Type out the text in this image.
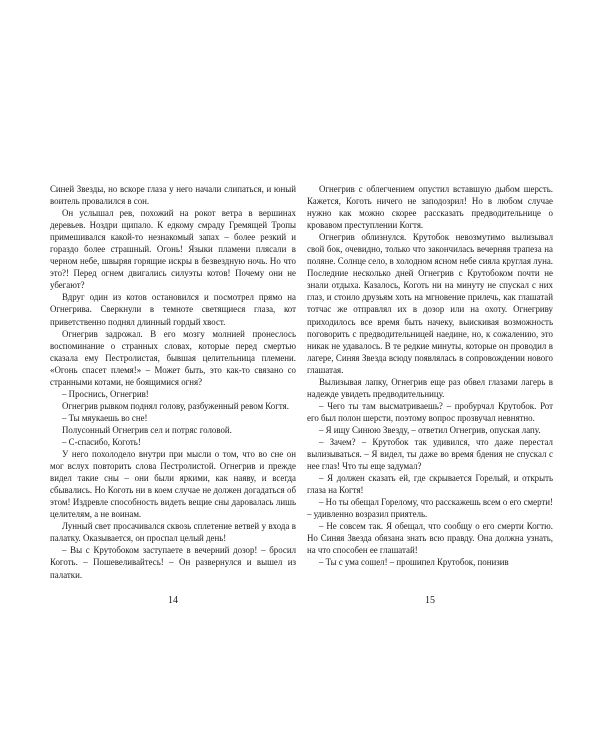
Синей Звезды, но вскоре глаза у него начали слипаться, и юный воитель провалился в сон.

Он услышал рев, похожий на рокот ветра в вершинах деревьев. Ноздри щипало. К едкому смраду Гремящей Тропы примешивался какой-то незнакомый запах – более резкий и гораздо более страшный. Огонь! Языки пламени плясали в черном небе, швыряя горящие искры в безвездную ночь. Но что это?! Перед огнем двигались силуэты котов! Почему они не убегают?

Вдруг один из котов остановился и посмотрел прямо на Огнегрива. Сверкнули в темноте светящиеся глаза, кот приветственно поднял длинный гордый хвост.

Огнегрив задрожал. В его мозгу молнией пронеслось воспоминание о странных словах, которые перед смертью сказала ему Пестролистая, бывшая целительница племени. «Огонь спасет племя!» – Может быть, это как-то связано со странными котами, не боящимися огня?

– Проснись, Огнегрив!

Огнегрив рывком поднял голову, разбуженный ревом Когтя.

– Ты мяукаешь во сне!

Полусонный Огнегрив сел и потряс головой.

– С-спасибо, Коготь!

У него похолодело внутри при мысли о том, что во сне он мог вслух повторить слова Пестролистой. Огнегрив и прежде видел такие сны – они были яркими, как наяву, и всегда сбывались. Но Коготь ни в коем случае не должен догадаться об этом! Издревле способность видеть вещие сны даровалась лишь целителям, а не воинам.

Лунный свет просачивался сквозь сплетение ветвей у входа в палатку. Оказывается, он проспал целый день!

– Вы с Крутобоком заступаете в вечерний дозор! – бросил Коготь. – Пошевеливайтесь! – Он развернулся и вышел из палатки.

Огнегрив с облегчением опустил вставшую дыбом шерсть. Кажется, Коготь ничего не заподозрил! Но в любом случае нужно как можно скорее рассказать предводительнице о кровавом преступлении Когтя.

Огнегрив облизнулся. Крутобок невозмутимо вылизывал свой бок, очевидно, только что закончилась вечерняя трапеза на поляне. Солнце село, в холодном ясном небе сияла круглая луна. Последние несколько дней Огнегрив с Крутобоком почти не знали отдыха. Казалось, Коготь ни на минуту не спускал с них глаз, и стоило друзьям хоть на мгновение прилечь, как глашатай тотчас же отправлял их в дозор или на охоту. Огнегриву приходилось все время быть начеку, выискивая возможность поговорить с предводительницей наедине, но, к сожалению, это никак не удавалось. В те редкие минуты, которые он проводил в лагере, Синяя Звезда всюду появлялась в сопровождении нового глашатая.

Вылизывая лапку, Огнегрив еще раз обвел глазами лагерь в надежде увидеть предводительницу.

– Чего ты там высматриваешь? – пробурчал Крутобок. Рот его был полон шерсти, поэтому вопрос прозвучал невнятно.

– Я ищу Синюю Звезду, – ответил Огнегрив, опуская лапу.

– Зачем? – Крутобок так удивился, что даже перестал вылизываться. – Я видел, ты даже во время бдения не спускал с нее глаз! Что ты еще задумал?

– Я должен сказать ей, где скрывается Горелый, и открыть глаза на Когтя!

– Но ты обещал Горелому, что расскажешь всем о его смерти! – удивленно возразил приятель.

– Не совсем так. Я обещал, что сообщу о его смерти Когтю. Но Синяя Звезда обязана знать всю правду. Она должна узнать, на что способен ее глашатай!

– Ты с ума сошел! – прошипел Крутобок, понизив

14	15
